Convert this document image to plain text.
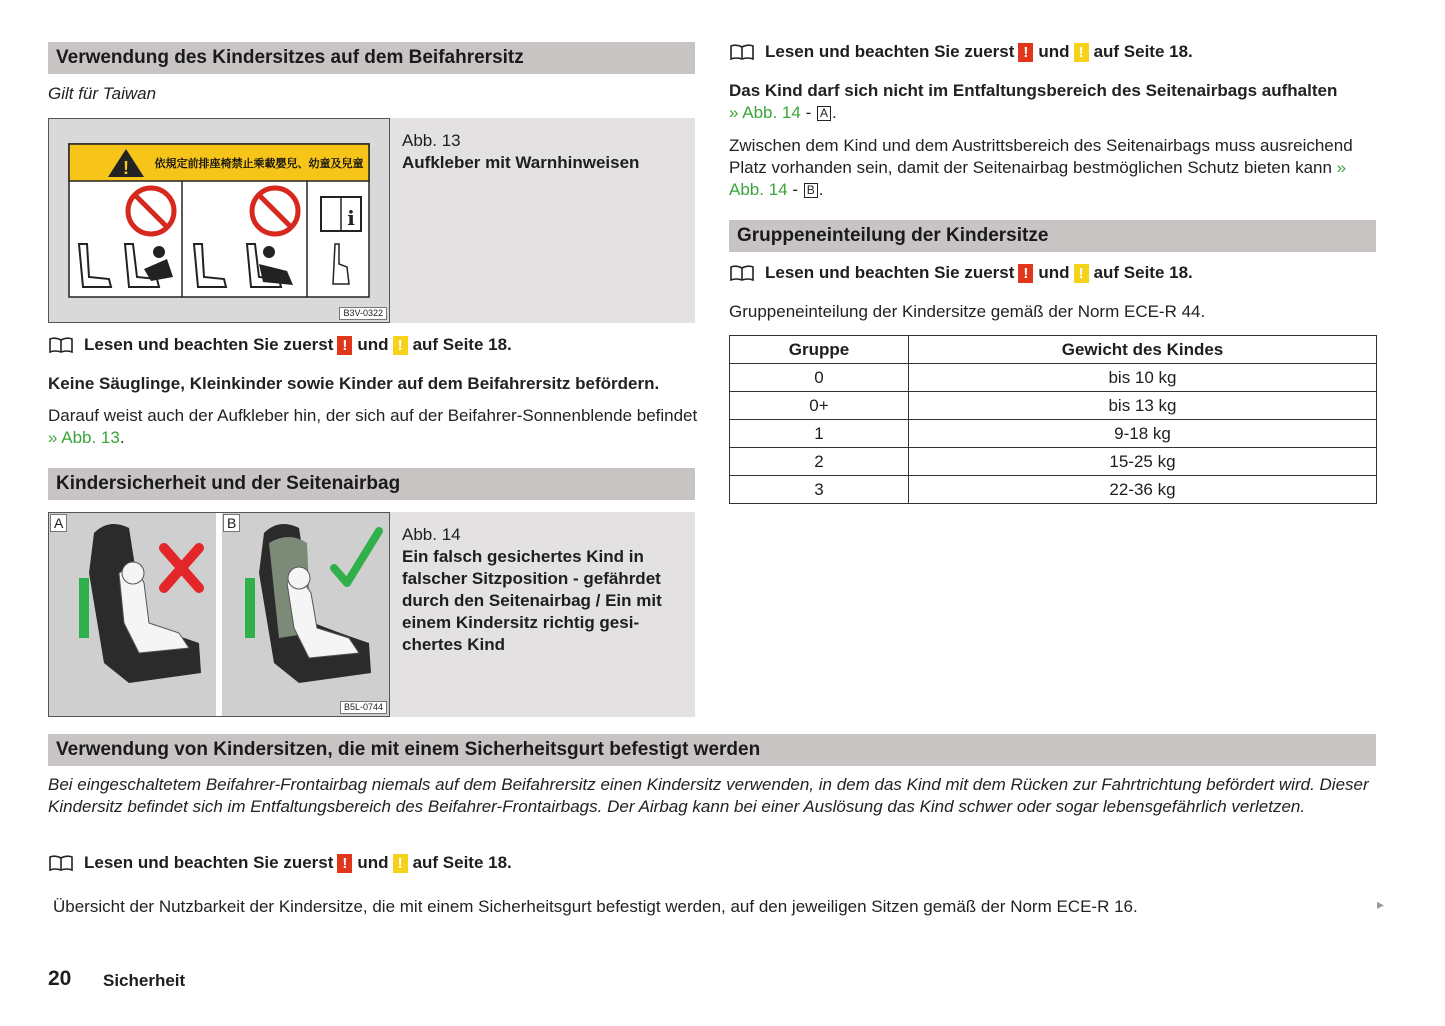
Verwendung des Kindersitzes auf dem Beifahrersitz
Gilt für Taiwan
! 依規定前排座椅禁止乘載嬰兒、幼童及兒童
i
B3V-0322
Abb. 13
Aufkleber mit Warnhinweisen
Lesen und beachten Sie zuerst ! und ! auf Seite 18.
Keine Säuglinge, Kleinkinder sowie Kinder auf dem Beifahrersitz befördern.
Darauf weist auch der Aufkleber hin, der sich auf der Beifahrer-Sonnenblende befindet » Abb. 13.
Kindersicherheit und der Seitenairbag
A	B
B5L-0744
Abb. 14
Ein falsch gesichertes Kind in falscher Sitzposition - gefährdet durch den Seitenairbag / Ein mit einem Kindersitz richtig gesichertes Kind
Lesen und beachten Sie zuerst ! und ! auf Seite 18.
Das Kind darf sich nicht im Entfaltungsbereich des Seitenairbags aufhalten
» Abb. 14 - A .
Zwischen dem Kind und dem Austrittsbereich des Seitenairbags muss ausreichend Platz vorhanden sein, damit der Seitenairbag bestmöglichen Schutz bieten kann » Abb. 14 - B .
Gruppeneinteilung der Kindersitze
Lesen und beachten Sie zuerst ! und ! auf Seite 18.
Gruppeneinteilung der Kindersitze gemäß der Norm ECE-R 44.
Gruppe	Gewicht des Kindes
0	bis 10 kg
0+	bis 13 kg
1	9-18 kg
2	15-25 kg
3	22-36 kg
Verwendung von Kindersitzen, die mit einem Sicherheitsgurt befestigt werden
Bei eingeschaltetem Beifahrer-Frontairbag niemals auf dem Beifahrersitz einen Kindersitz verwenden, in dem das Kind mit dem Rücken zur Fahrtrichtung befördert wird. Dieser Kindersitz befindet sich im Entfaltungsbereich des Beifahrer-Frontairbags. Der Airbag kann bei einer Auslösung das Kind schwer oder sogar lebensgefährlich verletzen.
Lesen und beachten Sie zuerst ! und ! auf Seite 18.
Übersicht der Nutzbarkeit der Kindersitze, die mit einem Sicherheitsgurt befestigt werden, auf den jeweiligen Sitzen gemäß der Norm ECE-R 16.	▸
20 Sicherheit
